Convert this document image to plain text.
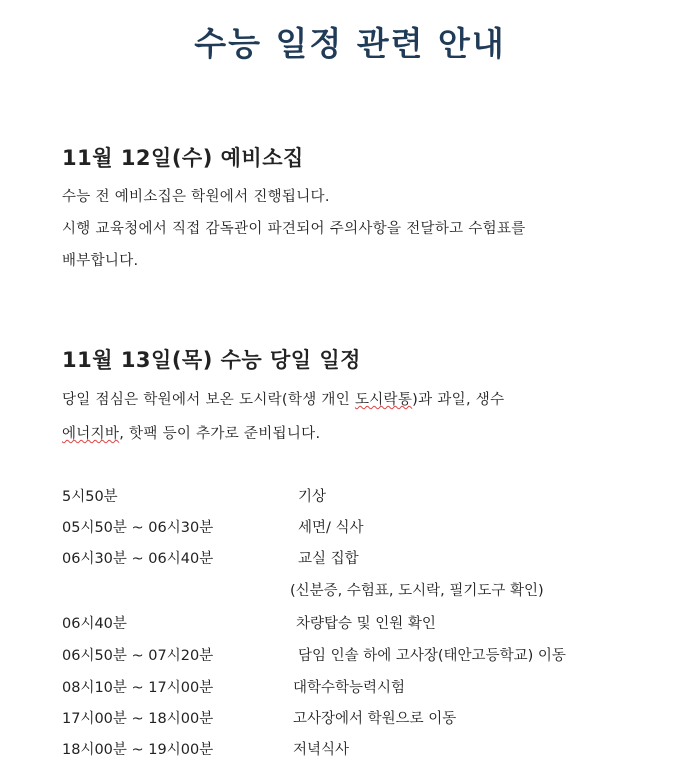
수능 일정 관련 안내
11월 12일(수) 예비소집
수능 전 예비소집은 학원에서 진행됩니다.
시행 교육청에서 직접 감독관이 파견되어 주의사항을 전달하고 수험표를
배부합니다.
11월 13일(목) 수능 당일 일정
당일 점심은 학원에서 보온 도시락(학생 개인 도시락통)과 과일, 생수
에너지바, 핫팩 등이 추가로 준비됩니다.
5시50분	기상
05시50분 ~ 06시30분	세면/ 식사
06시30분 ~ 06시40분	교실 집합
(신분증, 수험표, 도시락, 필기도구 확인)
06시40분	차량탑승 및 인원 확인
06시50분 ~ 07시20분	담임 인솔 하에 고사장(태안고등학교) 이동
08시10분 ~ 17시00분	대학수학능력시험
17시00분 ~ 18시00분	고사장에서 학원으로 이동
18시00분 ~ 19시00분	저녁식사
